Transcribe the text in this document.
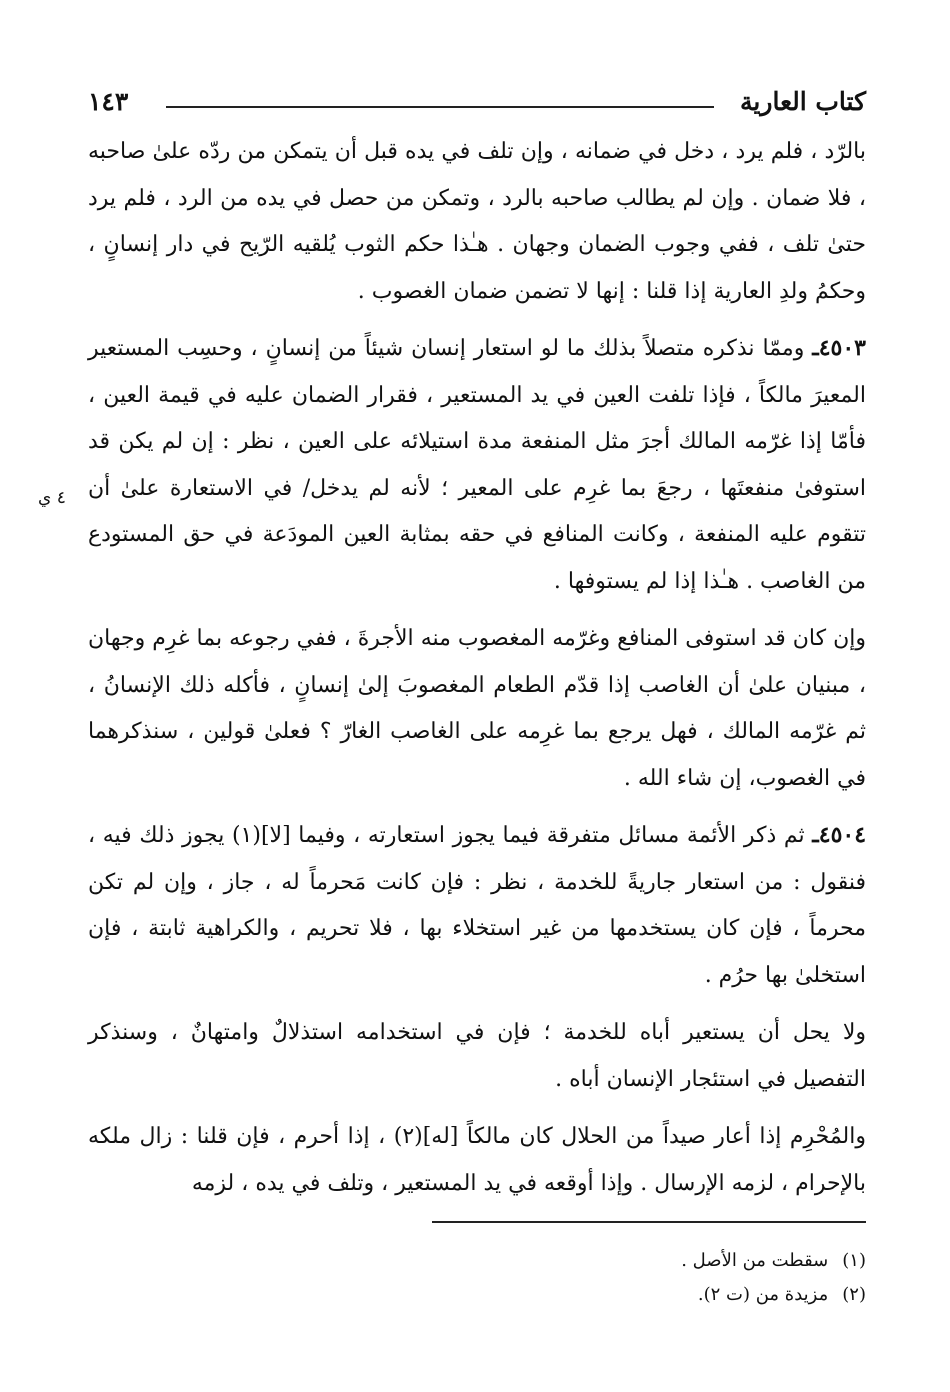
كتاب العارية
١٤٣

بالرّد ، فلم يرد ، دخل في ضمانه ، وإن تلف في يده قبل أن يتمكن من ردّه علىٰ صاحبه ، فلا ضمان . وإن لم يطالب صاحبه بالرد ، وتمكن من حصل في يده من الرد ، فلم يرد حتىٰ تلف ، ففي وجوب الضمان وجهان . هـٰذا حكم الثوب يُلقيه الرّيح في دار إنسانٍ ، وحكمُ ولدِ العارية إذا قلنا : إنها لا تضمن ضمان الغصوب .

٤٥٠٣ـ وممّا نذكره متصلاً بذلك ما لو استعار إنسان شيئاً من إنسانٍ ، وحسِب المستعير المعيرَ مالكاً ، فإذا تلفت العين في يد المستعير ، فقرار الضمان عليه في قيمة العين ، فأمّا إذا غرّمه المالك أجرَ مثل المنفعة مدة استيلائه على العين ، نظر : إن لم يكن قد استوفىٰ منفعتَها ، رجعَ بما غرِم على المعير ؛ لأنه لم يدخل/ في الاستعارة علىٰ أن تتقوم عليه المنفعة ، وكانت المنافع في حقه بمثابة العين المودَعة في حق المستودع من الغاصب . هـٰذا إذا لم يستوفها .

وإن كان قد استوفى المنافع وغرّمه المغصوب منه الأجرةَ ، ففي رجوعه بما غرِم وجهان ، مبنيان علىٰ أن الغاصب إذا قدّم الطعام المغصوبَ إلىٰ إنسانٍ ، فأكله ذلك الإنسانُ ، ثم غرّمه المالك ، فهل يرجع بما غرِمه على الغاصب الغارّ ؟ فعلىٰ قولين ، سنذكرهما في الغصوب، إن شاء الله .

٤٥٠٤ـ ثم ذكر الأئمة مسائل متفرقة فيما يجوز استعارته ، وفيما [لا](١) يجوز ذلك فيه ، فنقول : من استعار جاريةً للخدمة ، نظر : فإن كانت مَحرماً له ، جاز ، وإن لم تكن محرماً ، فإن كان يستخدمها من غير استخلاء بها ، فلا تحريم ، والكراهية ثابتة ، فإن استخلىٰ بها حرُم .

ولا يحل أن يستعير أباه للخدمة ؛ فإن في استخدامه استذلالٌ وامتهانٌ ، وسنذكر التفصيل في استئجار الإنسان أباه .

والمُحْرِم إذا أعار صيداً من الحلال كان مالكاً [له](٢) ، إذا أحرم ، فإن قلنا : زال ملكه بالإحرام ، لزمه الإرسال . وإذا أوقعه في يد المستعير ، وتلف في يده ، لزمه

٤ ي
(١)سقطت من الأصل .
(٢)مزيدة من (ت ٢).
